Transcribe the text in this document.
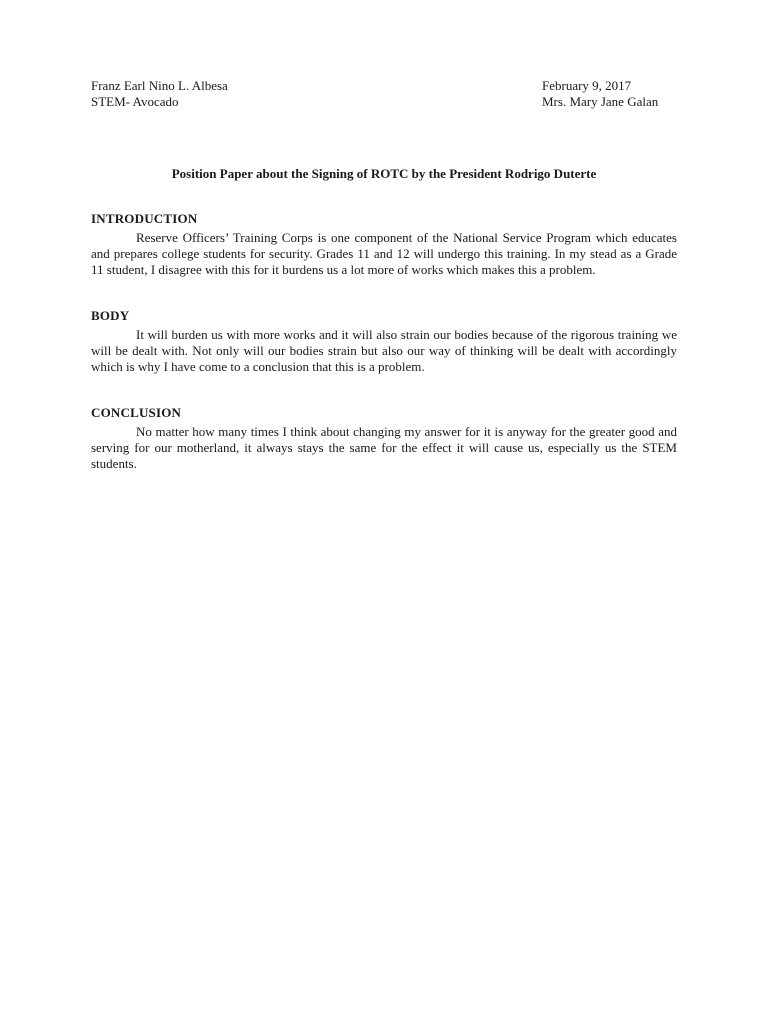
Franz Earl Nino L. Albesa
STEM- Avocado
February 9, 2017
Mrs. Mary Jane Galan
Position Paper about the Signing of ROTC by the President Rodrigo Duterte
INTRODUCTION

Reserve Officers’ Training Corps is one component of the National Service Program which educates and prepares college students for security. Grades 11 and 12 will undergo this training. In my stead as a Grade 11 student, I disagree with this for it burdens us a lot more of works which makes this a problem.

BODY

It will burden us with more works and it will also strain our bodies because of the rigorous training we will be dealt with. Not only will our bodies strain but also our way of thinking will be dealt with accordingly which is why I have come to a conclusion that this is a problem.

CONCLUSION

No matter how many times I think about changing my answer for it is anyway for the greater good and serving for our motherland, it always stays the same for the effect it will cause us, especially us the STEM students.
